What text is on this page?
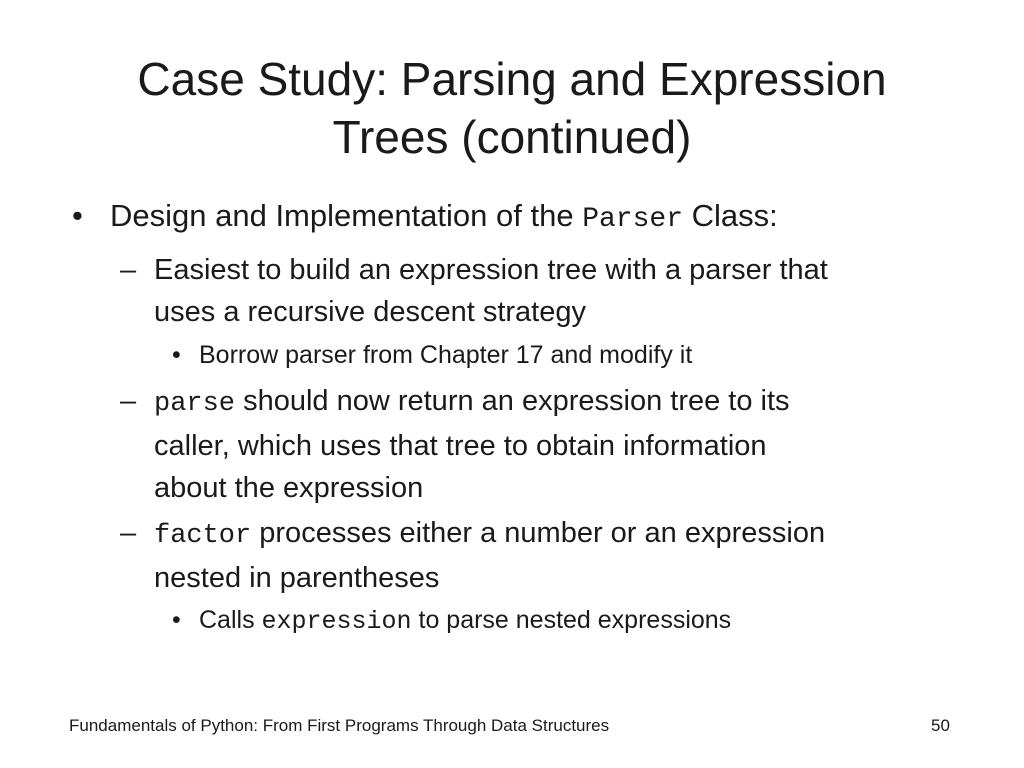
Case Study: Parsing and Expression
Trees (continued)
• Design and Implementation of the Parser Class:
– Easiest to build an expression tree with a parser that
uses a recursive descent strategy
• Borrow parser from Chapter 17 and modify it
– parse should now return an expression tree to its
caller, which uses that tree to obtain information
about the expression
– factor processes either a number or an expression
nested in parentheses
• Calls expression to parse nested expressions
Fundamentals of Python: From First Programs Through Data Structures	50
